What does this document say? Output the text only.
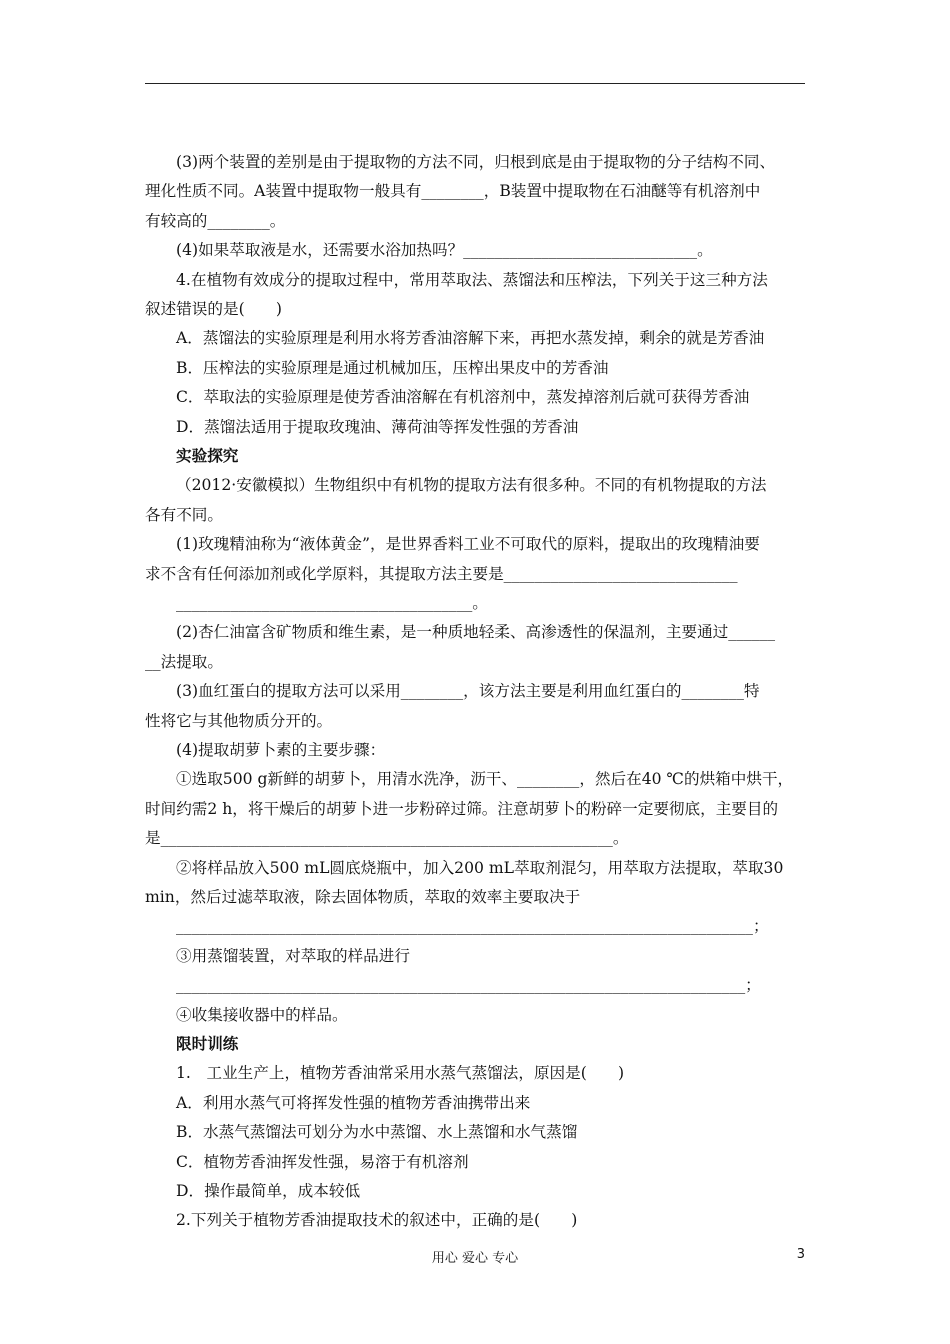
(3)两个装置的差别是由于提取物的方法不同，归根到底是由于提取物的分子结构不同、
理化性质不同。A装置中提取物一般具有________，B装置中提取物在石油醚等有机溶剂中
有较高的________。
(4)如果萃取液是水，还需要水浴加热吗？______________________________。
4.在植物有效成分的提取过程中，常用萃取法、蒸馏法和压榨法，下列关于这三种方法
叙述错误的是(　　)
A．蒸馏法的实验原理是利用水将芳香油溶解下来，再把水蒸发掉，剩余的就是芳香油
B．压榨法的实验原理是通过机械加压，压榨出果皮中的芳香油
C．萃取法的实验原理是使芳香油溶解在有机溶剂中，蒸发掉溶剂后就可获得芳香油
D．蒸馏法适用于提取玫瑰油、薄荷油等挥发性强的芳香油
实验探究
（2012·安徽模拟）生物组织中有机物的提取方法有很多种。不同的有机物提取的方法
各有不同。
(1)玫瑰精油称为“液体黄金”，是世界香料工业不可取代的原料，提取出的玫瑰精油要
求不含有任何添加剂或化学原料，其提取方法主要是______________________________
______________________________________。
(2)杏仁油富含矿物质和维生素，是一种质地轻柔、高渗透性的保温剂，主要通过______
__法提取。
(3)血红蛋白的提取方法可以采用________，该方法主要是利用血红蛋白的________特
性将它与其他物质分开的。
(4)提取胡萝卜素的主要步骤：
①选取500 g新鲜的胡萝卜，用清水洗净，沥干、________，然后在40 ℃的烘箱中烘干，
时间约需2 h，将干燥后的胡萝卜进一步粉碎过筛。注意胡萝卜的粉碎一定要彻底，主要目的
是__________________________________________________________。
②将样品放入500 mL圆底烧瓶中，加入200 mL萃取剂混匀，用萃取方法提取，萃取30
min，然后过滤萃取液，除去固体物质，萃取的效率主要取决于
__________________________________________________________________________；
③用蒸馏装置，对萃取的样品进行
_________________________________________________________________________；
④收集接收器中的样品。
限时训练
1.　工业生产上，植物芳香油常采用水蒸气蒸馏法，原因是(　　)
A．利用水蒸气可将挥发性强的植物芳香油携带出来
B．水蒸气蒸馏法可划分为水中蒸馏、水上蒸馏和水气蒸馏
C．植物芳香油挥发性强，易溶于有机溶剂
D．操作最简单，成本较低
2.下列关于植物芳香油提取技术的叙述中，正确的是(　　)
用心 爱心 专心	3
